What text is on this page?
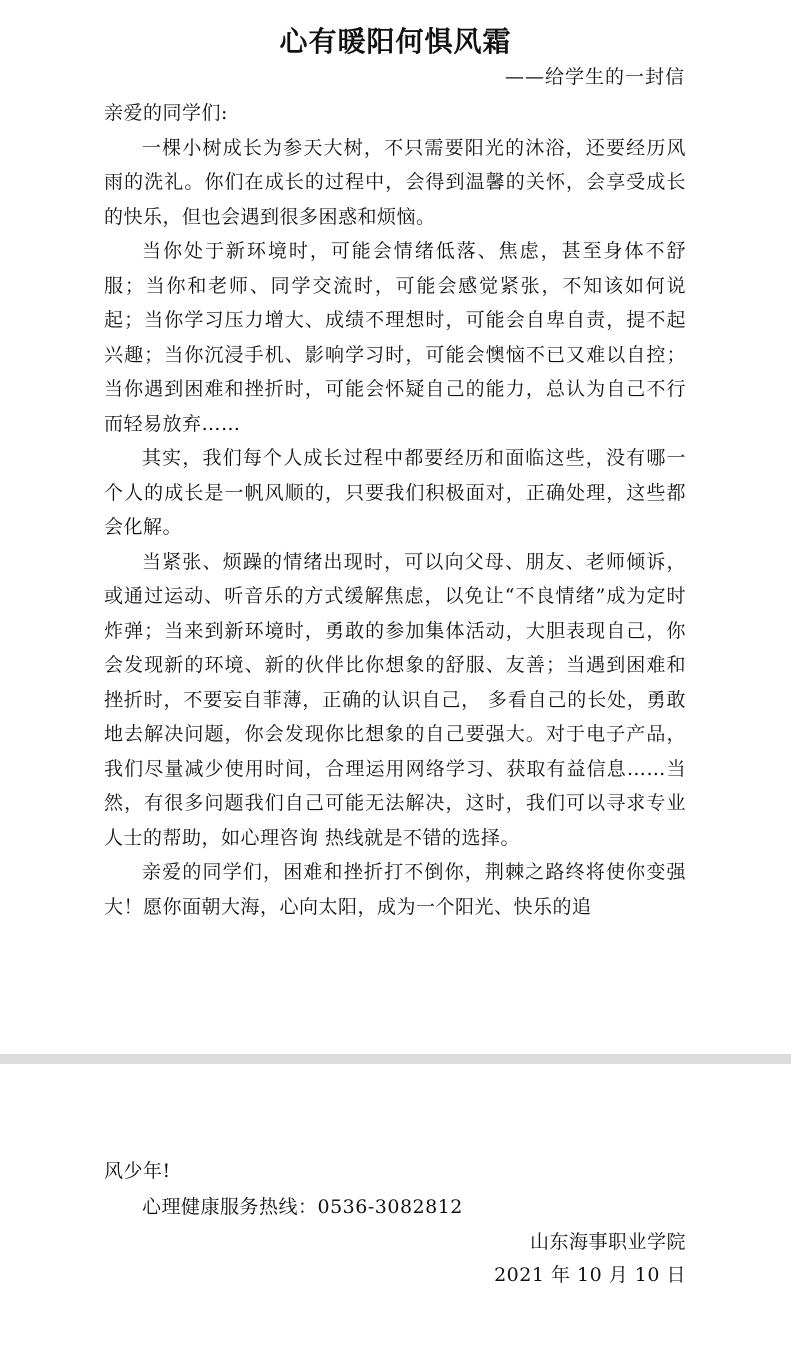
心有暖阳何惧风霜
——给学生的一封信

亲爱的同学们:

一棵小树成长为参天大树，不只需要阳光的沐浴，还要经历风雨的洗礼。你们在成长的过程中，会得到温馨的关怀，会享受成长的快乐，但也会遇到很多困惑和烦恼。

当你处于新环境时，可能会情绪低落、焦虑，甚至身体不舒服；当你和老师、同学交流时，可能会感觉紧张，不知该如何说起；当你学习压力增大、成绩不理想时，可能会自卑自责，提不起兴趣；当你沉浸手机、影响学习时，可能会懊恼不已又难以自控；当你遇到困难和挫折时，可能会怀疑自己的能力，总认为自己不行而轻易放弃……

其实，我们每个人成长过程中都要经历和面临这些，没有哪一个人的成长是一帆风顺的，只要我们积极面对，正确处理，这些都会化解。

当紧张、烦躁的情绪出现时，可以向父母、朋友、老师倾诉，或通过运动、听音乐的方式缓解焦虑，以免让“不良情绪”成为定时炸弹；当来到新环境时，勇敢的参加集体活动，大胆表现自己，你会发现新的环境、新的伙伴比你想象的舒服、友善；当遇到困难和挫折时，不要妄自菲薄，正确的认识自己， 多看自己的长处，勇敢地去解决问题，你会发现你比想象的自己要强大。对于电子产品，我们尽量减少使用时间，合理运用网络学习、获取有益信息……当然，有很多问题我们自己可能无法解决，这时，我们可以寻求专业人士的帮助，如心理咨询 热线就是不错的选择。

亲爱的同学们，困难和挫折打不倒你，荆棘之路终将使你变强大！愿你面朝大海，心向太阳，成为一个阳光、快乐的追

风少年!
心理健康服务热线：0536-3082812
山东海事职业学院
2021 年 10 月 10 日
